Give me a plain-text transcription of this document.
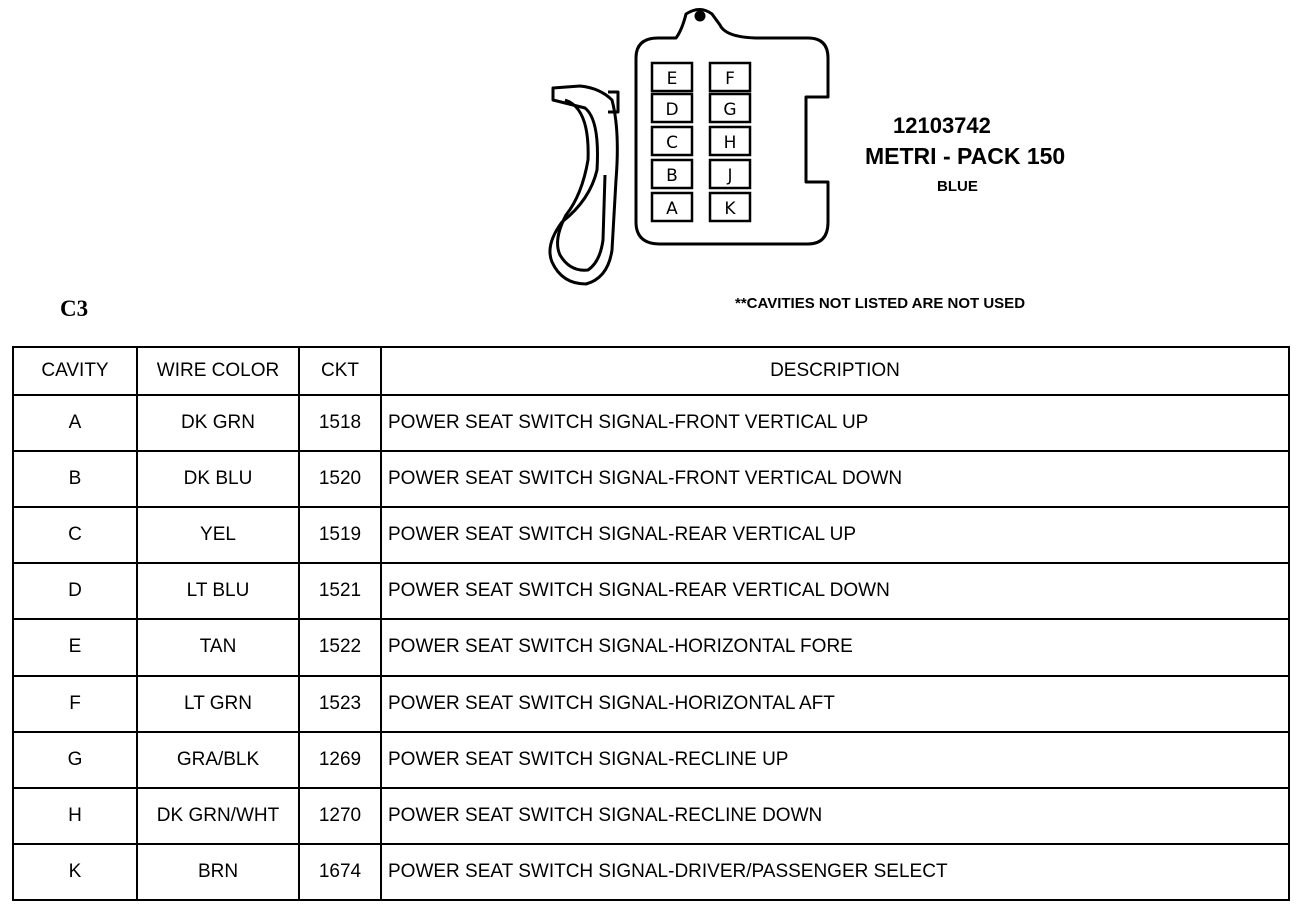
E
D
C
B
A
F
G
H
J
K
12103742
METRI - PACK 150
BLUE
C3	**CAVITIES NOT LISTED ARE NOT USED
CAVITY	WIRE COLOR	CKT	DESCRIPTION
A	DK GRN	1518	POWER SEAT SWITCH SIGNAL-FRONT VERTICAL UP
B	DK BLU	1520	POWER SEAT SWITCH SIGNAL-FRONT VERTICAL DOWN
C	YEL	1519	POWER SEAT SWITCH SIGNAL-REAR VERTICAL UP
D	LT BLU	1521	POWER SEAT SWITCH SIGNAL-REAR VERTICAL DOWN
E	TAN	1522	POWER SEAT SWITCH SIGNAL-HORIZONTAL FORE
F	LT GRN	1523	POWER SEAT SWITCH SIGNAL-HORIZONTAL AFT
G	GRA/BLK	1269	POWER SEAT SWITCH SIGNAL-RECLINE UP
H	DK GRN/WHT	1270	POWER SEAT SWITCH SIGNAL-RECLINE DOWN
K	BRN	1674	POWER SEAT SWITCH SIGNAL-DRIVER/PASSENGER SELECT
